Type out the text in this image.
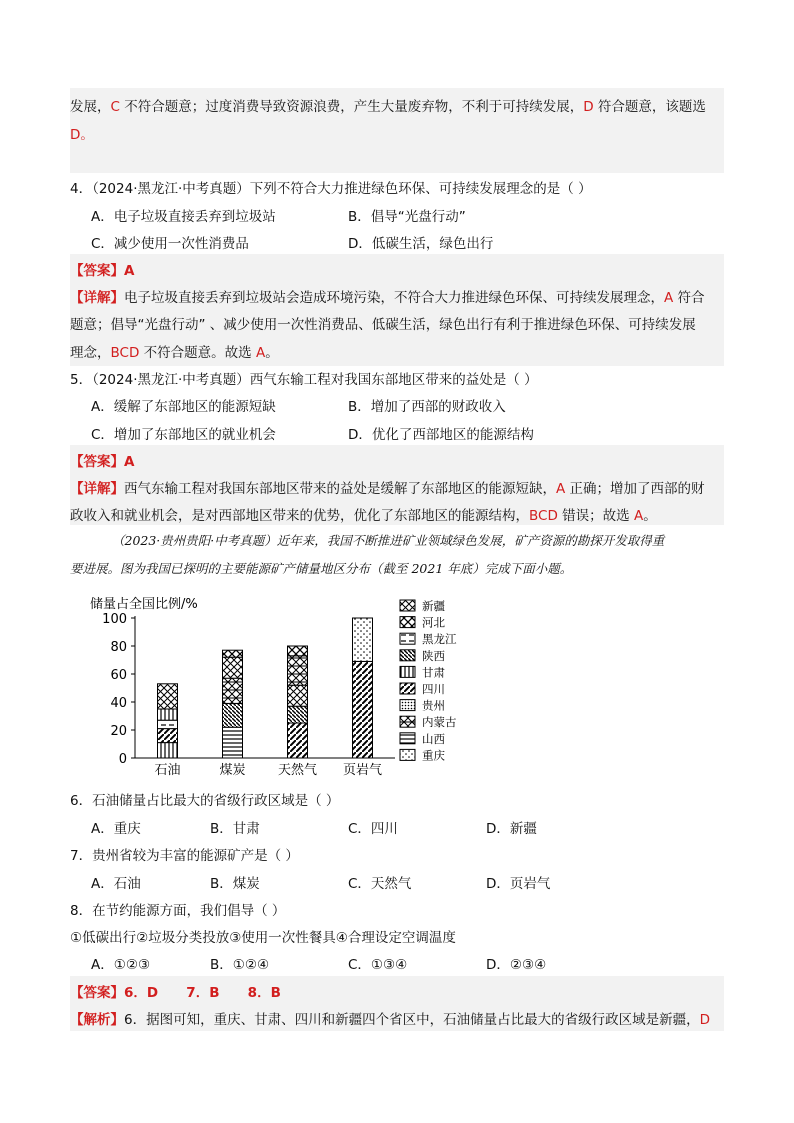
发展，C 不符合题意；过度消费导致资源浪费，产生大量废弃物，不利于可持续发展，D 符合题意，该题选
D。
4．（2024·黑龙江·中考真题）下列不符合大力推进绿色环保、可持续发展理念的是（ ）
A．电子垃圾直接丢弃到垃圾站	B．倡导“光盘行动”
C．减少使用一次性消费品	D．低碳生活，绿色出行
【答案】A
【详解】电子垃圾直接丢弃到垃圾站会造成环境污染，不符合大力推进绿色环保、可持续发展理念，A 符合
题意；倡导“光盘行动” 、减少使用一次性消费品、低碳生活，绿色出行有利于推进绿色环保、可持续发展
理念，BCD 不符合题意。故选 A。
5．（2024·黑龙江·中考真题）西气东输工程对我国东部地区带来的益处是（ ）
A．缓解了东部地区的能源短缺	B．增加了西部的财政收入
C．增加了东部地区的就业机会	D．优化了西部地区的能源结构
【答案】A
【详解】西气东输工程对我国东部地区带来的益处是缓解了东部地区的能源短缺，A 正确；增加了西部的财
政收入和就业机会，是对西部地区带来的优势，优化了东部地区的能源结构，BCD 错误；故选 A。
（2023·贵州贵阳·中考真题）近年来，我国不断推进矿业领域绿色发展，矿产资源的勘探开发取得重
要进展。图为我国已探明的主要能源矿产储量地区分布（截至 2021 年底）完成下面小题。
储量占全国比例/%
0
20
40
60
80
100
石油	煤炭 天然气 页岩气
新疆
河北
黑龙江
陕西
甘肃
四川
贵州
内蒙古
山西
重庆
6．石油储量占比最大的省级行政区域是（ ）
A．重庆	B．甘肃	C．四川	D．新疆
7．贵州省较为丰富的能源矿产是（ ）
A．石油	B．煤炭	C．天然气	D．页岩气
8．在节约能源方面，我们倡导（ ）
①低碳出行②垃圾分类投放③使用一次性餐具④合理设定空调温度
A．①②③	B．①②④	C．①③④	D．②③④
【答案】6．D      7．B      8．B
【解析】6．据图可知，重庆、甘肃、四川和新疆四个省区中，石油储量占比最大的省级行政区域是新疆，D
